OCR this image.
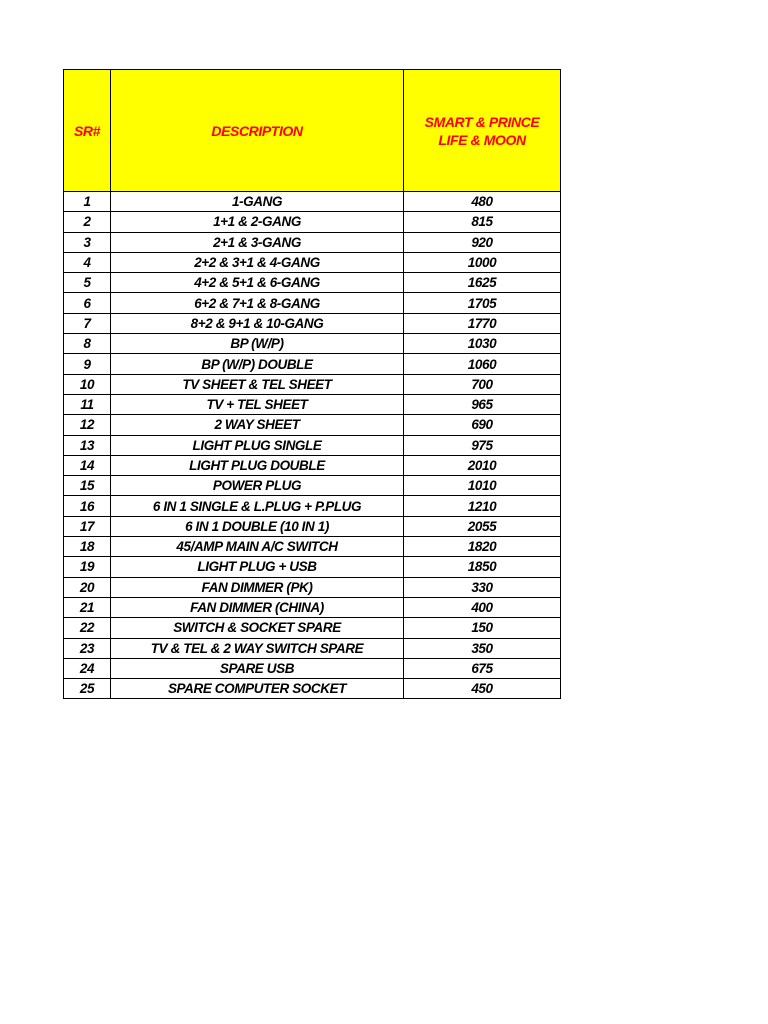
SR#	DESCRIPTION	SMART & PRINCE
LIFE & MOON

1	1-GANG	480
2	1+1 & 2-GANG	815
3	2+1 & 3-GANG	920
4	2+2 & 3+1 & 4-GANG	1000
5	4+2 & 5+1 & 6-GANG	1625
6	6+2 & 7+1 & 8-GANG	1705
7	8+2 & 9+1 & 10-GANG	1770
8	BP (W/P)	1030
9	BP (W/P) DOUBLE	1060
10	TV SHEET & TEL SHEET	700
11	TV + TEL SHEET	965
12	2 WAY SHEET	690
13	LIGHT PLUG SINGLE	975
14	LIGHT PLUG DOUBLE	2010
15	POWER PLUG	1010
16	6 IN 1 SINGLE & L.PLUG + P.PLUG	1210
17	6 IN 1 DOUBLE (10 IN 1)	2055
18	45/AMP MAIN A/C SWITCH	1820
19	LIGHT PLUG + USB	1850
20	FAN DIMMER (PK)	330
21	FAN DIMMER (CHINA)	400
22	SWITCH & SOCKET SPARE	150
23	TV & TEL & 2 WAY SWITCH SPARE	350
24	SPARE USB	675
25	SPARE COMPUTER SOCKET	450
